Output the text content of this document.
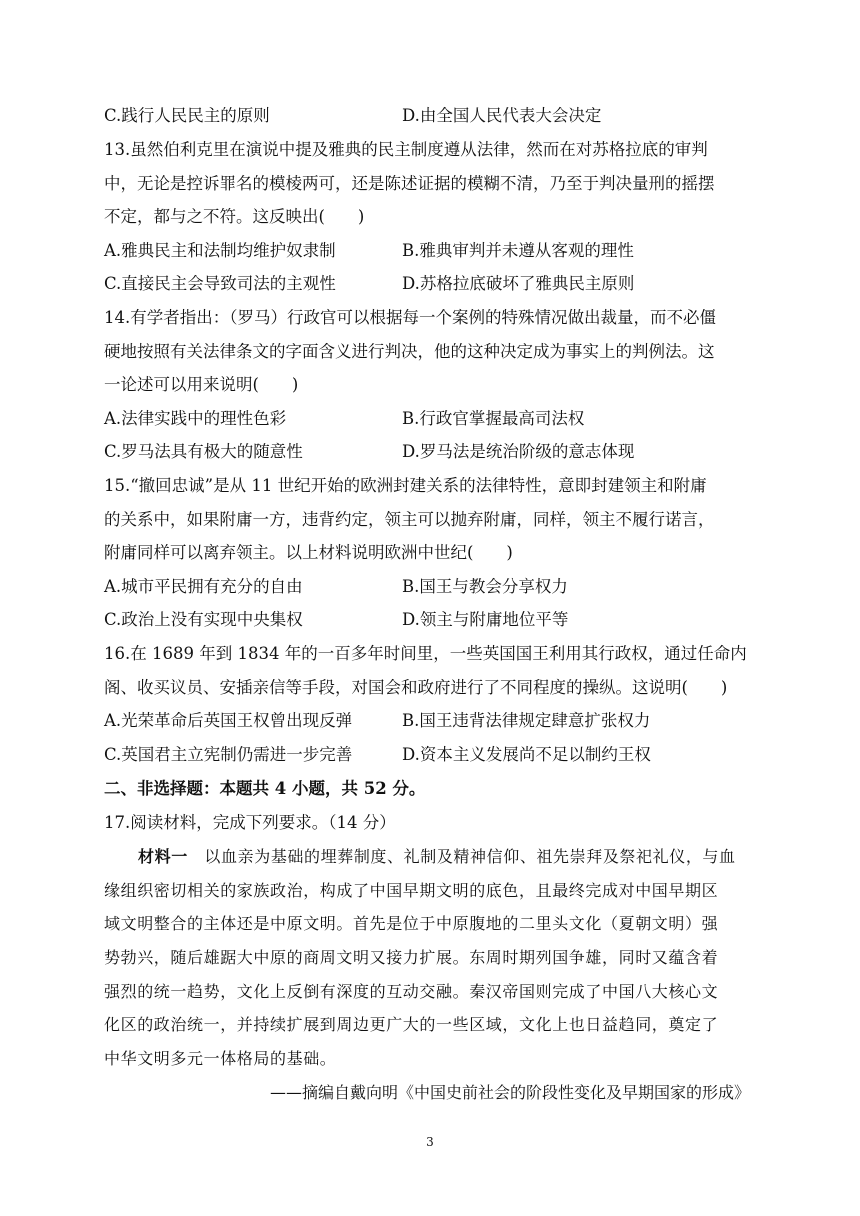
C.践行人民民主的原则	D.由全国人民代表大会决定
13.虽然伯利克里在演说中提及雅典的民主制度遵从法律，然而在对苏格拉底的审判
中，无论是控诉罪名的模棱两可，还是陈述证据的模糊不清，乃至于判决量刑的摇摆
不定，都与之不符。这反映出(　　)
A.雅典民主和法制均维护奴隶制	B.雅典审判并未遵从客观的理性
C.直接民主会导致司法的主观性	D.苏格拉底破坏了雅典民主原则
14.有学者指出：（罗马）行政官可以根据每一个案例的特殊情况做出裁量，而不必僵
硬地按照有关法律条文的字面含义进行判决，他的这种决定成为事实上的判例法。这
一论述可以用来说明(　　)
A.法律实践中的理性色彩	B.行政官掌握最高司法权
C.罗马法具有极大的随意性	D.罗马法是统治阶级的意志体现
15.“撤回忠诚”是从 11 世纪开始的欧洲封建关系的法律特性，意即封建领主和附庸
的关系中，如果附庸一方，违背约定，领主可以抛弃附庸，同样，领主不履行诺言，
附庸同样可以离弃领主。以上材料说明欧洲中世纪(　　)
A.城市平民拥有充分的自由	B.国王与教会分享权力
C.政治上没有实现中央集权	D.领主与附庸地位平等
16.在 1689 年到 1834 年的一百多年时间里，一些英国国王利用其行政权，通过任命内
阁、收买议员、安插亲信等手段，对国会和政府进行了不同程度的操纵。这说明(　　)
A.光荣革命后英国王权曾出现反弹	B.国王违背法律规定肆意扩张权力
C.英国君主立宪制仍需进一步完善	D.资本主义发展尚不足以制约王权
二、非选择题：本题共 4 小题，共 52 分。
17.阅读材料，完成下列要求。（14 分）
材料一　 以血亲为基础的埋葬制度、礼制及精神信仰、祖先崇拜及祭祀礼仪，与血
缘组织密切相关的家族政治，构成了中国早期文明的底色，且最终完成对中国早期区
域文明整合的主体还是中原文明。首先是位于中原腹地的二里头文化（夏朝文明）强
势勃兴，随后雄踞大中原的商周文明又接力扩展。东周时期列国争雄，同时又蕴含着
强烈的统一趋势，文化上反倒有深度的互动交融。秦汉帝国则完成了中国八大核心文
化区的政治统一，并持续扩展到周边更广大的一些区域，文化上也日益趋同，奠定了
中华文明多元一体格局的基础。
——摘编自戴向明《中国史前社会的阶段性变化及早期国家的形成》
3
